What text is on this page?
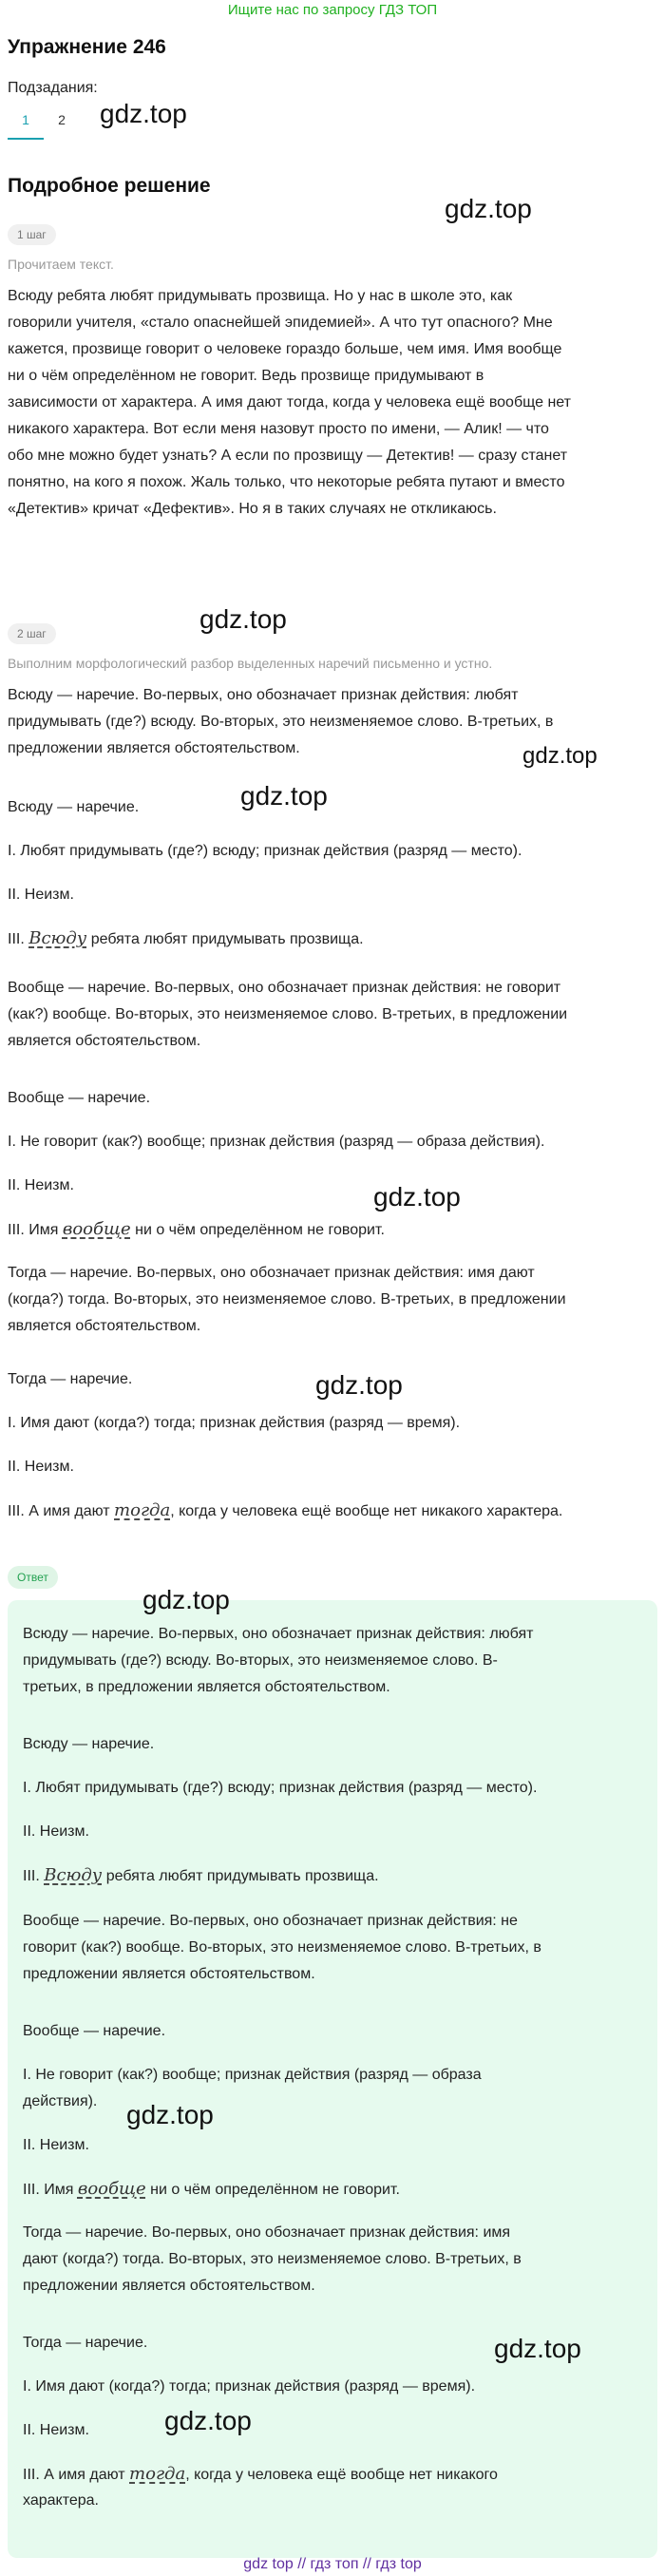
Ищите нас по запросу ГДЗ ТОП
Упражнение 246
Подзадания:
1	2	gdz.top
gdz.top
gdz.top
gdz.top
gdz.top
gdz.top
gdz.top
Подробное решение
1 шаг
Прочитаем текст.
Всюду ребята любят придумывать прозвища. Но у нас в школе это, как
говорили учителя, «стало опаснейшей эпидемией». А что тут опасного? Мне
кажется, прозвище говорит о человеке гораздо больше, чем имя. Имя вообще
ни о чём определённом не говорит. Ведь прозвище придумывают в
зависимости от характера. А имя дают тогда, когда у человека ещё вообще нет
никакого характера. Вот если меня назовут просто по имени, — Алик! — что
обо мне можно будет узнать? А если по прозвищу — Детектив! — сразу станет
понятно, на кого я похож. Жаль только, что некоторые ребята путают и вместо
«Детектив» кричат «Дефектив». Но я в таких случаях не откликаюсь.
2 шаг
Выполним морфологический разбор выделенных наречий письменно и устно.
Всюду — наречие. Во-первых, оно обозначает признак действия: любят
придумывать (где?) всюду. Во-вторых, это неизменяемое слово. В-третьих, в
предложении является обстоятельством.
Всюду — наречие.
I. Любят придумывать (где?) всюду; признак действия (разряд — место).
II. Неизм.
III. Всюду ребята любят придумывать прозвища.
Вообще — наречие. Во-первых, оно обозначает признак действия: не говорит
(как?) вообще. Во-вторых, это неизменяемое слово. В-третьих, в предложении
является обстоятельством.
Вообще — наречие.
I. Не говорит (как?) вообще; признак действия (разряд — образа действия).
II. Неизм.
III. Имя вообще ни о чём определённом не говорит.
Тогда — наречие. Во-первых, оно обозначает признак действия: имя дают
(когда?) тогда. Во-вторых, это неизменяемое слово. В-третьих, в предложении
является обстоятельством.
Тогда — наречие.
I. Имя дают (когда?) тогда; признак действия (разряд — время).
II. Неизм.
III. А имя дают тогда, когда у человека ещё вообще нет никакого характера.
Ответ
gdz.top
Всюду — наречие. Во-первых, оно обозначает признак действия: любят
придумывать (где?) всюду. Во-вторых, это неизменяемое слово. В-
третьих, в предложении является обстоятельством.
Всюду — наречие.
I. Любят придумывать (где?) всюду; признак действия (разряд — место).
II. Неизм.
III. Всюду ребята любят придумывать прозвища.
Вообще — наречие. Во-первых, оно обозначает признак действия: не
говорит (как?) вообще. Во-вторых, это неизменяемое слово. В-третьих, в
предложении является обстоятельством.
Вообще — наречие.
I. Не говорит (как?) вообще; признак действия (разряд — образа
действия).
II. Неизм.
III. Имя вообще ни о чём определённом не говорит.
Тогда — наречие. Во-первых, оно обозначает признак действия: имя
дают (когда?) тогда. Во-вторых, это неизменяемое слово. В-третьих, в
предложении является обстоятельством.
Тогда — наречие.
I. Имя дают (когда?) тогда; признак действия (разряд — время).
II. Неизм.
III. А имя дают тогда, когда у человека ещё вообще нет никакого
характера.
gdz.top
gdz.top
gdz.top
gdz top // гдз топ // гдз top
